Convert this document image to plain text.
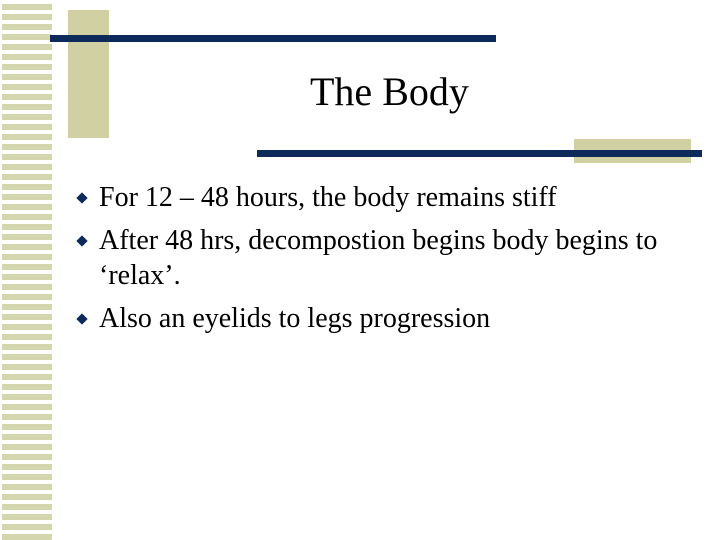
The Body
For 12 – 48 hours, the body remains stiff
After 48 hrs, decompostion begins body begins to ‘relax’.
Also an eyelids to legs progression
